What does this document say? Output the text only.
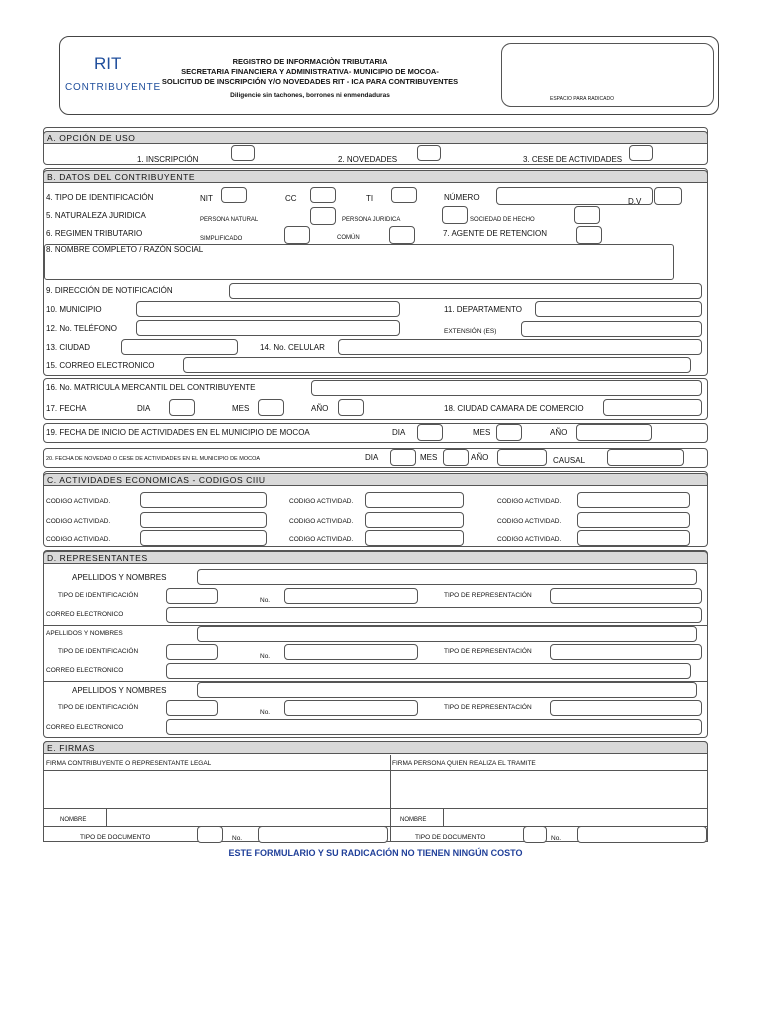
RIT
CONTRIBUYENTE
REGISTRO DE INFORMACIÒN TRIBUTARIA
SECRETARIA FINANCIERA Y ADMINISTRATIVA- MUNICIPIO DE MOCOA-
SOLICITUD DE INSCRIPCIÓN Y/O NOVEDADES RIT - ICA PARA CONTRIBUYENTES
Diligencie sin tachones, borrones ni enmendaduras	ESPACIO PARA RADICADO
A. OPCIÓN DE USO
1. INSCRIPCIÓN	2. NOVEDADES	3. CESE DE ACTIVIDADES
B. DATOS DEL CONTRIBUYENTE
4. TIPO DE IDENTIFICACIÓN	NIT	CC	TI	NÚMERO	D.V
5. NATURALEZA JURIDICA	PERSONA NATURAL	PERSONA JURIDICA	SOCIEDAD DE HECHO
6. REGIMEN TRIBUTARIO
SIMPLIFICADO	COMÚN	7. AGENTE DE RETENCION
8. NOMBRE COMPLETO / RAZÓN SOCIAL
9. DIRECCIÓN DE NOTIFICACIÓN
10. MUNICIPIO	11. DEPARTAMENTO
12. No. TELÉFONO	EXTENSIÓN (ES)
13. CIUDAD	14. No. CELULAR
15. CORREO ELECTRONICO
16. No. MATRICULA MERCANTIL DEL CONTRIBUYENTE
17. FECHA	DIA	MES	AÑO	18. CIUDAD CAMARA DE COMERCIO
19. FECHA DE INICIO DE ACTIVIDADES EN EL MUNICIPIO DE MOCOA	DIA	MES	AÑO
20. FECHA DE NOVEDAD O CESE DE ACTIVIDADES EN EL MUNICIPIO DE MOCOA	DIA	MES	AÑO	CAUSAL
C. ACTIVIDADES ECONOMICAS - CODIGOS CIIU
CODIGO ACTIVIDAD.	CODIGO ACTIVIDAD.	CODIGO ACTIVIDAD.
CODIGO ACTIVIDAD.	CODIGO ACTIVIDAD.	CODIGO ACTIVIDAD.
CODIGO ACTIVIDAD.	CODIGO ACTIVIDAD.	CODIGO ACTIVIDAD.
D. REPRESENTANTES
APELLIDOS Y NOMBRES
TIPO DE IDENTIFICACIÓN
No.
TIPO DE REPRESENTACIÓN
CORREO ELECTRONICO
APELLIDOS Y NOMBRES
TIPO DE IDENTIFICACIÓN
No.
TIPO DE REPRESENTACIÓN
CORREO ELECTRONICO
APELLIDOS Y NOMBRES
TIPO DE IDENTIFICACIÓN
No.
TIPO DE REPRESENTACIÓN
CORREO ELECTRONICO
E. FIRMAS
FIRMA CONTRIBUYENTE O REPRESENTANTE LEGAL	FIRMA PERSONA QUIEN REALIZA EL TRAMITE
NOMBRE	NOMBRE
TIPO DE DOCUMENTO	No.	TIPO DE DOCUMENTO	No.
ESTE FORMULARIO Y SU RADICACIÓN NO TIENEN NINGÚN COSTO
